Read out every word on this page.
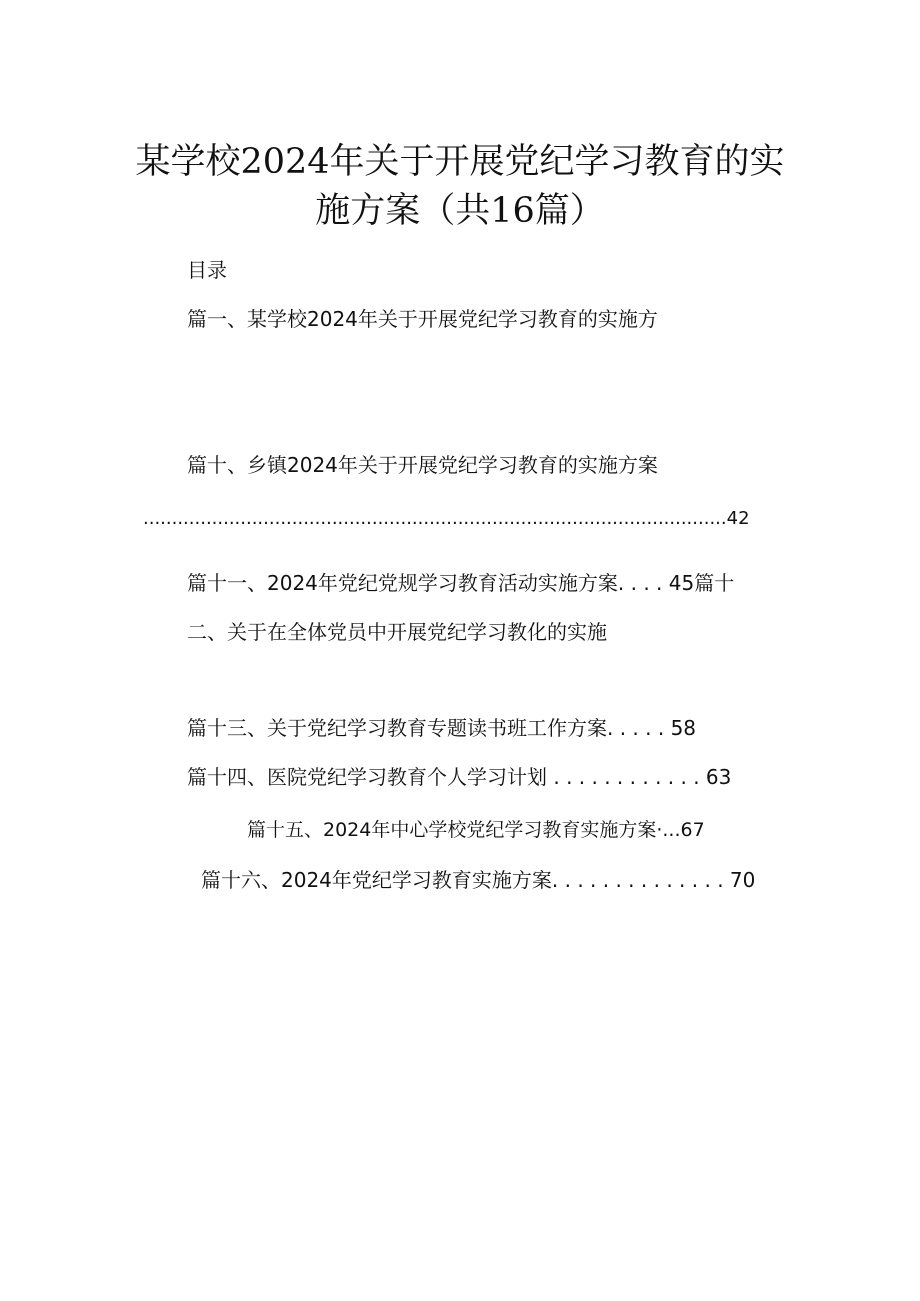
某学校2024年关于开展党纪学习教育的实
施方案（共16篇）
目录
篇一、某学校2024年关于开展党纪学习教育的实施方
篇十、乡镇2024年关于开展党纪学习教育的实施方案
......................................................................................................42
篇十一、2024年党纪党规学习教育活动实施方案. . . . 45篇十
二、关于在全体党员中开展党纪学习教化的实施
篇十三、关于党纪学习教育专题读书班工作方案. . . . . 58
篇十四、医院党纪学习教育个人学习计划 . . . . . . . . . . . . 63
篇十五、2024年中心学校党纪学习教育实施方案·...67
篇十六、2024年党纪学习教育实施方案. . . . . . . . . . . . . . 70
